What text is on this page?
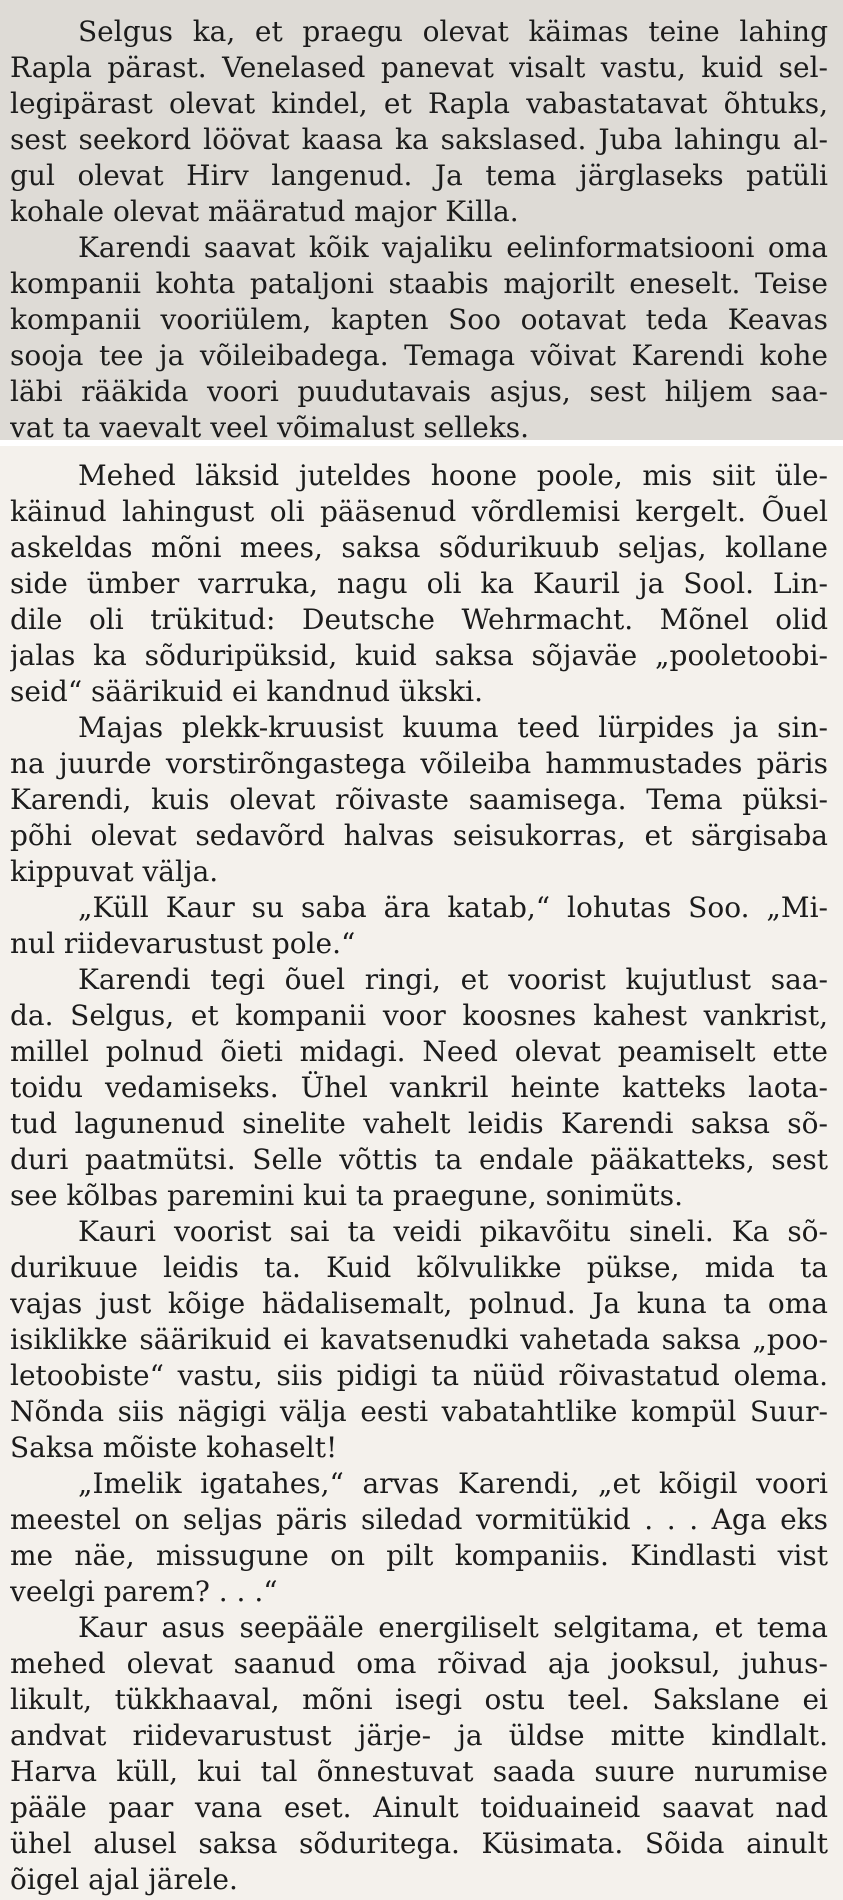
Selgus ka, et praegu olevat käimas teine lahing
Rapla pärast. Venelased panevat visalt vastu, kuid sel-
legipärast olevat kindel, et Rapla vabastatavat õhtuks,
sest seekord löövat kaasa ka sakslased. Juba lahingu al-
gul olevat Hirv langenud. Ja tema järglaseks patüli
kohale olevat määratud major Killa.
Karendi saavat kõik vajaliku eelinformatsiooni oma
kompanii kohta pataljoni staabis majorilt eneselt. Teise
kompanii vooriülem, kapten Soo ootavat teda Keavas
sooja tee ja võileibadega. Temaga võivat Karendi kohe
läbi rääkida voori puudutavais asjus, sest hiljem saa-
vat ta vaevalt veel võimalust selleks.
Mehed läksid juteldes hoone poole, mis siit üle-
käinud lahingust oli pääsenud võrdlemisi kergelt. Õuel
askeldas mõni mees, saksa sõdurikuub seljas, kollane
side ümber varruka, nagu oli ka Kauril ja Sool. Lin-
dile oli trükitud: Deutsche Wehrmacht. Mõnel olid
jalas ka sõduripüksid, kuid saksa sõjaväe „pooletoobi-
seid“ säärikuid ei kandnud ükski.
Majas plekk-kruusist kuuma teed lürpides ja sin-
na juurde vorstirõngastega võileiba hammustades päris
Karendi, kuis olevat rõivaste saamisega. Tema püksi-
põhi olevat sedavõrd halvas seisukorras, et särgisaba
kippuvat välja.
„Küll Kaur su saba ära katab,“ lohutas Soo. „Mi-
nul riidevarustust pole.“
Karendi tegi õuel ringi, et voorist kujutlust saa-
da. Selgus, et kompanii voor koosnes kahest vankrist,
millel polnud õieti midagi. Need olevat peamiselt ette
toidu vedamiseks. Ühel vankril heinte katteks laota-
tud lagunenud sinelite vahelt leidis Karendi saksa sõ-
duri paatmütsi. Selle võttis ta endale pääkatteks, sest
see kõlbas paremini kui ta praegune, sonimüts.
Kauri voorist sai ta veidi pikavõitu sineli. Ka sõ-
durikuue leidis ta. Kuid kõlvulikke pükse, mida ta
vajas just kõige hädalisemalt, polnud. Ja kuna ta oma
isiklikke säärikuid ei kavatsenudki vahetada saksa „poo-
letoobiste“ vastu, siis pidigi ta nüüd rõivastatud olema.
Nõnda siis nägigi välja eesti vabatahtlike kompül Suur-
Saksa mõiste kohaselt!
„Imelik igatahes,“ arvas Karendi, „et kõigil voori
meestel on seljas päris siledad vormitükid . . . Aga eks
me näe, missugune on pilt kompaniis. Kindlasti vist
veelgi parem? . . .“
Kaur asus seepääle energiliselt selgitama, et tema
mehed olevat saanud oma rõivad aja jooksul, juhus-
likult, tükkhaaval, mõni isegi ostu teel. Sakslane ei
andvat riidevarustust järje- ja üldse mitte kindlalt.
Harva küll, kui tal õnnestuvat saada suure nurumise
pääle paar vana eset. Ainult toiduaineid saavat nad
ühel alusel saksa sõduritega. Küsimata. Sõida ainult
õigel ajal järele.
